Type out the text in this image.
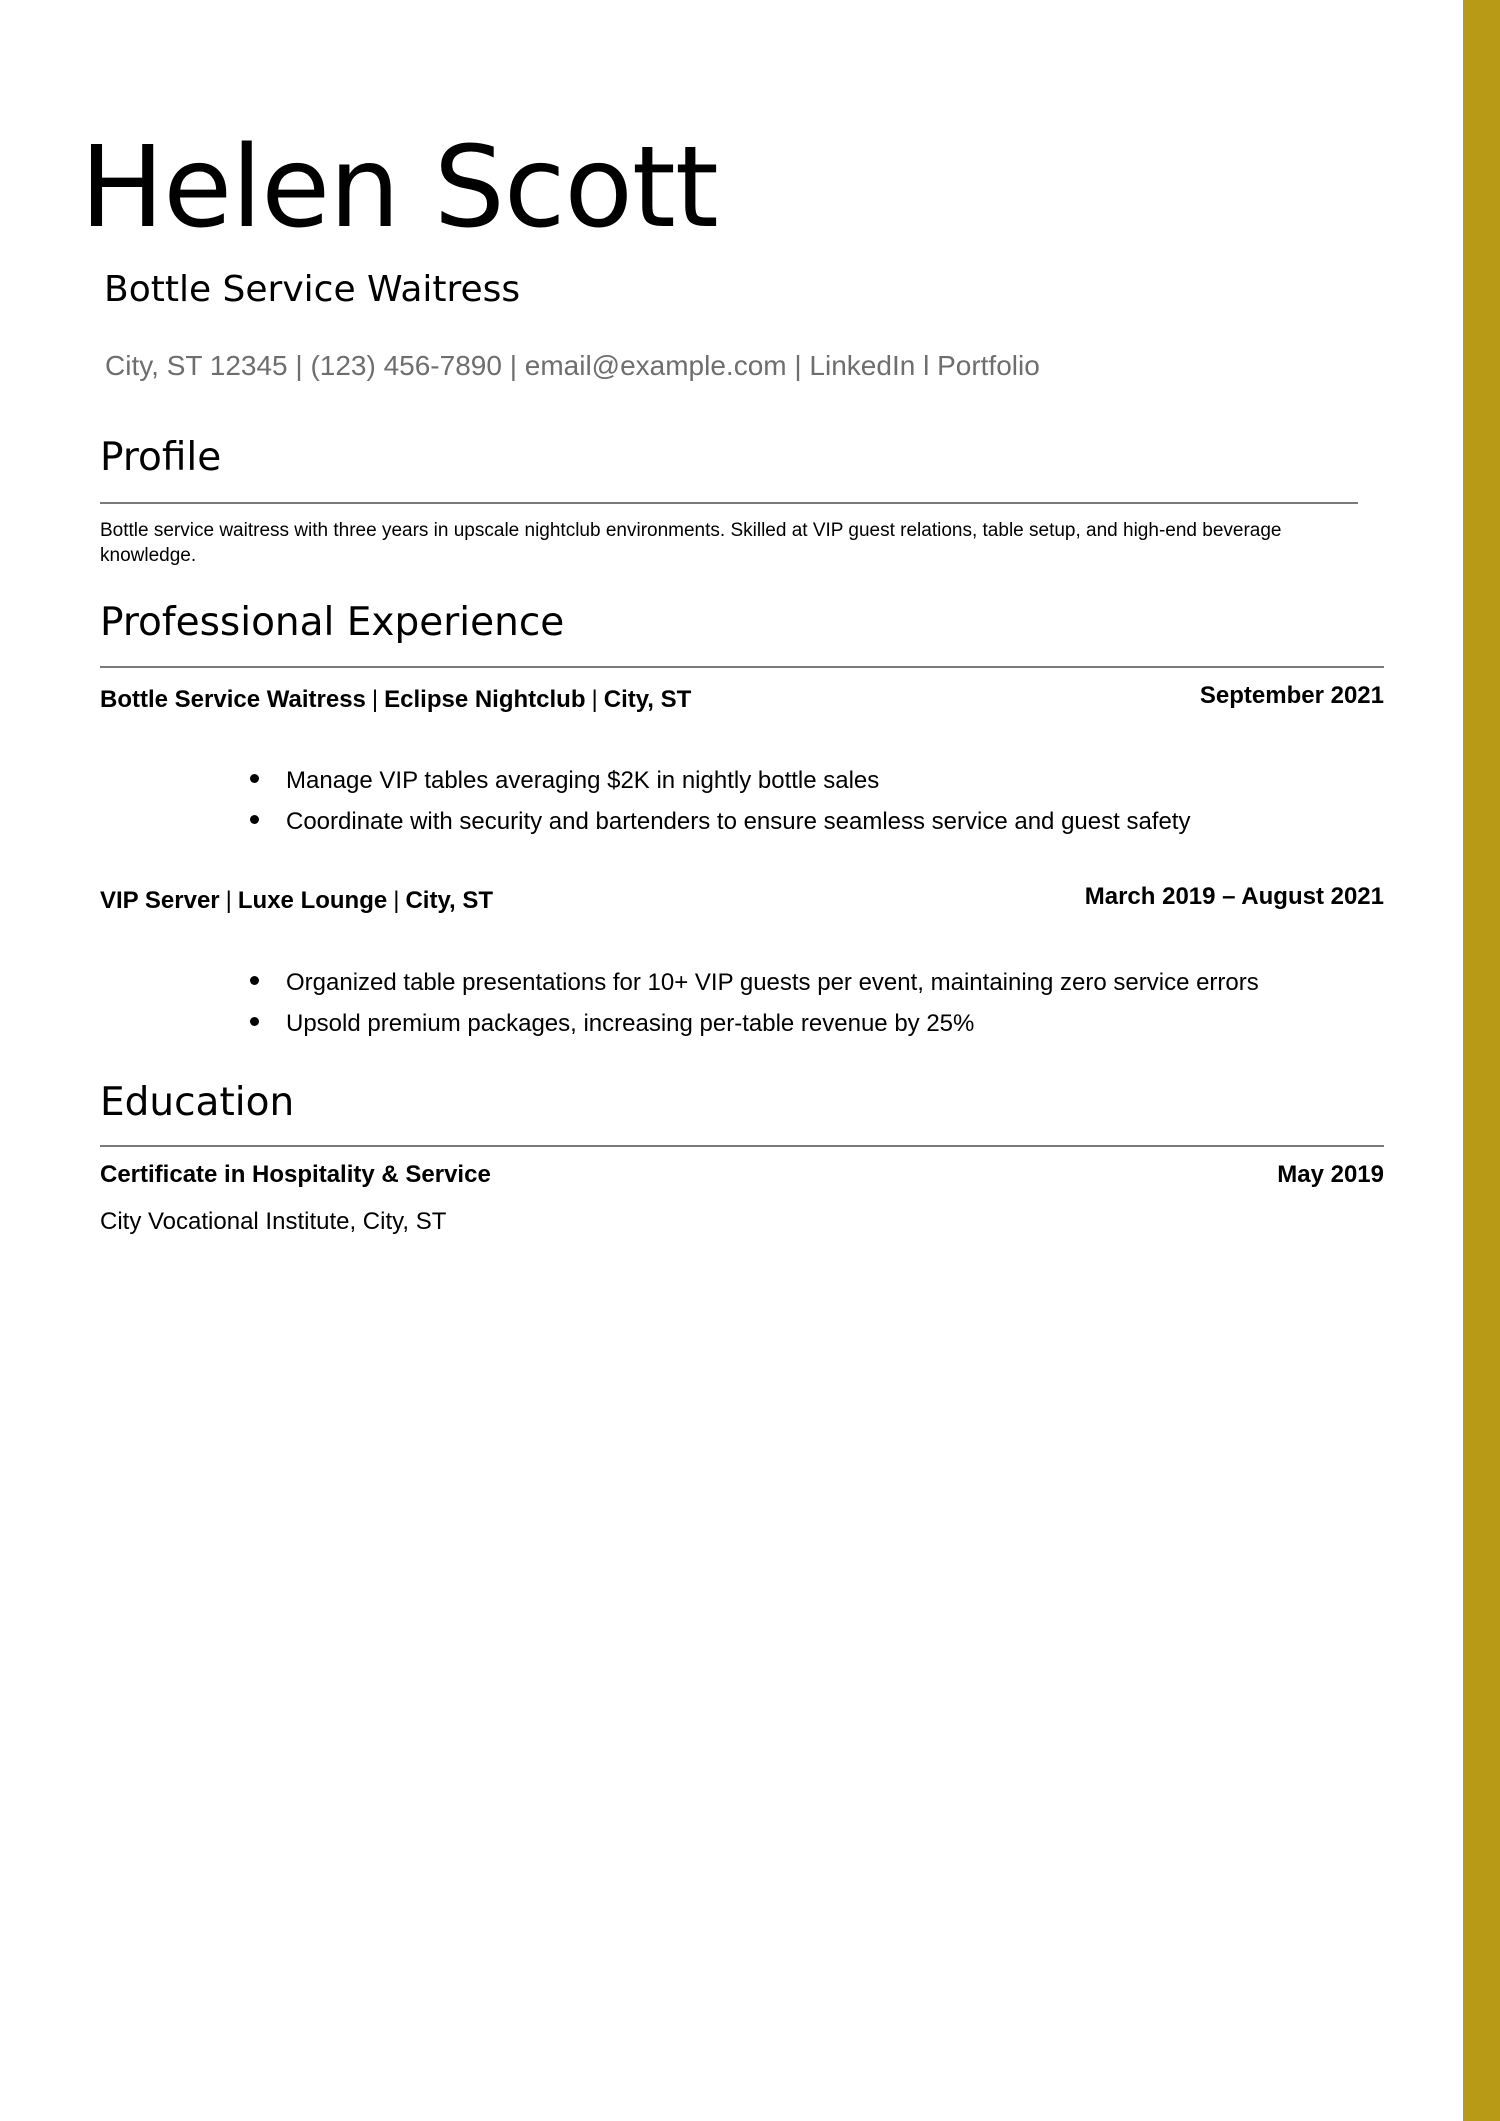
Helen Scott
Bottle Service Waitress
City, ST 12345 | (123) 456-7890 | email@example.com | LinkedIn l Portfolio
Profile
Bottle service waitress with three years in upscale nightclub environments. Skilled at VIP guest relations, table setup, and high-end beverage knowledge.
Professional Experience
Bottle Service Waitress | Eclipse Nightclub | City, ST	September 2021
Manage VIP tables averaging $2K in nightly bottle sales
Coordinate with security and bartenders to ensure seamless service and guest safety
VIP Server | Luxe Lounge | City, ST	March 2019 – August 2021
Organized table presentations for 10+ VIP guests per event, maintaining zero service errors
Upsold premium packages, increasing per-table revenue by 25%
Education
Certificate in Hospitality & Service	May 2019
City Vocational Institute, City, ST
